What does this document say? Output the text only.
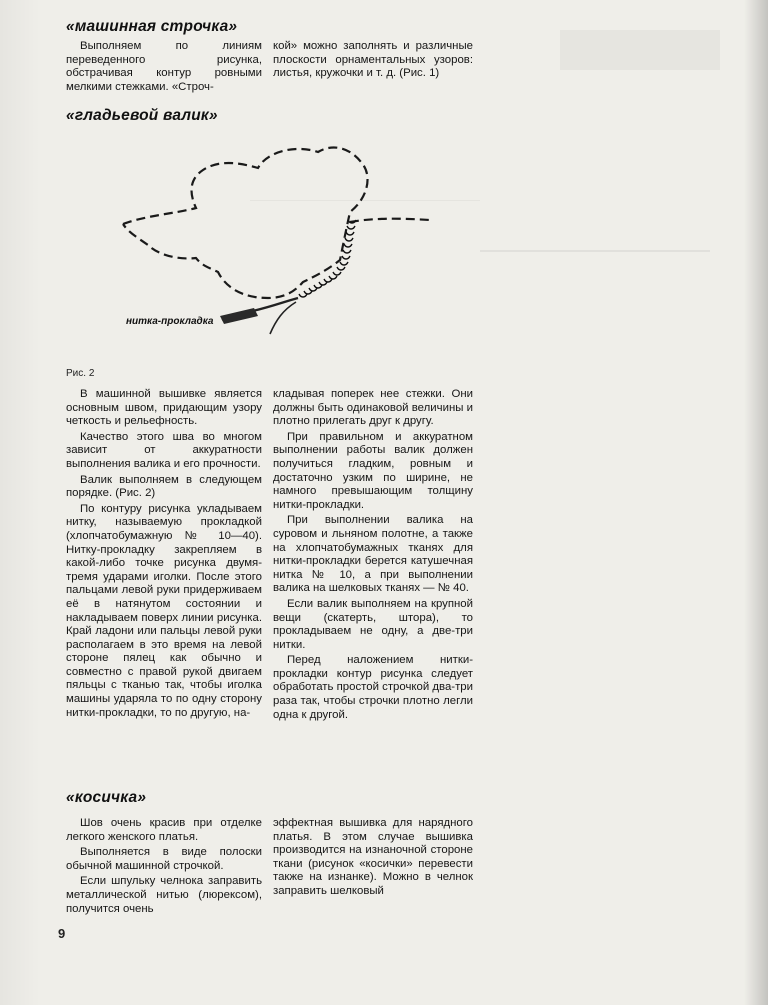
«машинная строчка»

Выполняем по линиям переведенного рисунка, обстрачивая контур ровными мелкими стежками. «Строч-

кой» можно заполнять и различные плоскости орнаментальных узоров: листья, кружочки и т. д. (Рис. 1)

«гладьевой валик»
нитка-прокладка
Рис. 2

В машинной вышивке является основным швом, придающим узору четкость и рельефность.

Качество этого шва во многом зависит от аккуратности выполнения валика и его прочности.

Валик выполняем в следующем порядке. (Рис. 2)

По контуру рисунка укладываем нитку, называемую прокладкой (хлопчатобумажную № 10—40). Нитку-прокладку закрепляем в какой-либо точке рисунка двумя-тремя ударами иголки. После этого пальцами левой руки придерживаем её в натянутом состоянии и накладываем поверх линии рисунка. Край ладони или пальцы левой руки располагаем в это время на левой стороне пялец как обычно и совместно с правой рукой двигаем пяльцы с тканью так, чтобы иголка машины ударяла то по одну сторону нитки-прокладки, то по другую, на-

кладывая поперек нее стежки. Они должны быть одинаковой величины и плотно прилегать друг к другу.

При правильном и аккуратном выполнении работы валик должен получиться гладким, ровным и достаточно узким по ширине, не намного превышающим толщину нитки-прокладки.

При выполнении валика на суровом и льняном полотне, а также на хлопчатобумажных тканях для нитки-прокладки берется катушечная нитка № 10, а при выполнении валика на шелковых тканях — № 40.

Если валик выполняем на крупной вещи (скатерть, штора), то прокладываем не одну, а две-три нитки.

Перед наложением нитки-прокладки контур рисунка следует обработать простой строчкой два-три раза так, чтобы строчки плотно легли одна к другой.

«косичка»

Шов очень красив при отделке легкого женского платья.

Выполняется в виде полоски обычной машинной строчкой.

Если шпульку челнока заправить металлической нитью (люрексом), получится очень

эффектная вышивка для нарядного платья. В этом случае вышивка производится на изнаночной стороне ткани (рисунок «косички» перевести также на изнанке). Можно в челнок заправить шелковый

9
